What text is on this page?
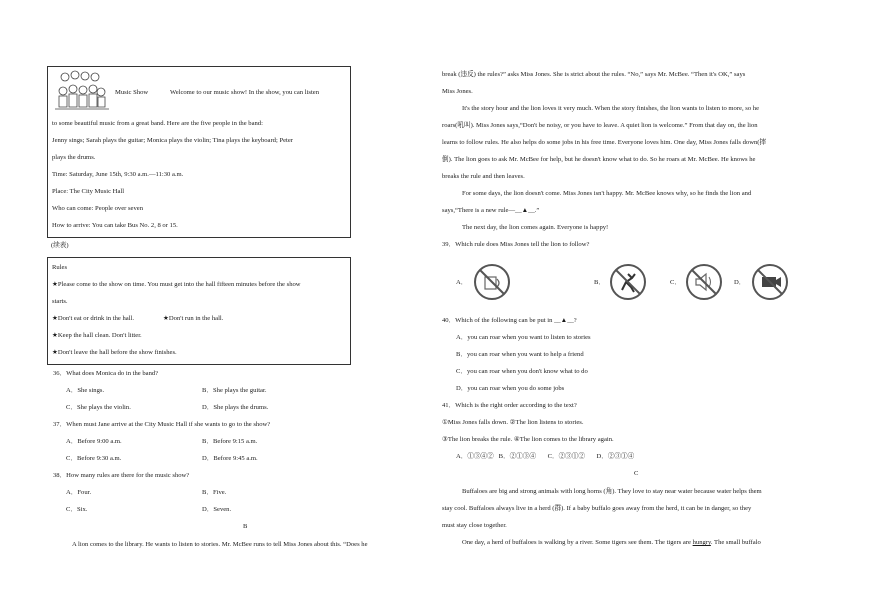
Music Show	Welcome to our music show! In the show, you can listen
to some beautiful music from a great band. Here are the five people in the band:
Jenny sings; Sarah plays the guitar; Monica plays the violin; Tina plays the keyboard; Peter
plays the drums.
Time: Saturday, June 15th, 9:30 a.m.—11:30 a.m.
Place: The City Music Hall
Who can come: People over seven
How to arrive: You can take Bus No. 2, 8 or 15.
(续表)
Rules
★Please come to the show on time. You must get into the hall fifteen minutes before the show
starts.
★Don't eat or drink in the hall.	★Don't run in the hall.
★Keep the hall clean. Don't litter.
★Don't leave the hall before the show finishes.
36．What does Monica do in the band?
A．She sings.	B．She plays the guitar.
C．She plays the violin.	D．She plays the drums.
37．When must Jane arrive at the City Music Hall if she wants to go to the show?
A．Before 9:00 a.m.	B．Before 9:15 a.m.
C．Before 9:30 a.m.	D．Before 9:45 a.m.
38．How many rules are there for the music show?
A．Four.	B．Five.
C．Six.	D．Seven.
B
A lion comes to the library. He wants to listen to stories. Mr. McBee runs to tell Miss Jones about this. “Does he
break (违反) the rules?” asks Miss Jones. She is strict about the rules. “No,” says Mr. McBee. “Then it's OK,” says
Miss Jones.
It's the story hour and the lion loves it very much. When the story finishes, the lion wants to listen to more, so he
roars(吼叫). Miss Jones says,“Don't be noisy, or you have to leave. A quiet lion is welcome.” From that day on, the lion
learns to follow rules. He also helps do some jobs in his free time. Everyone loves him. One day, Miss Jones falls down(摔
倒). The lion goes to ask Mr. McBee for help, but he doesn't know what to do. So he roars at Mr. McBee. He knows he
breaks the rule and then leaves.
For some days, the lion doesn't come. Miss Jones isn't happy. Mr. McBee knows why, so he finds the lion and
says,“There is a new rule—__▲__.”
The next day, the lion comes again. Everyone is happy!
39．Which rule does Miss Jones tell the lion to follow?
A．	B．	C．	D．
40．Which of the following can be put in __▲__?
A．you can roar when you want to listen to stories
B．you can roar when you want to help a friend
C．you can roar when you don't know what to do
D．you can roar when you do some jobs
41．Which is the right order according to the text?
①Miss Jones falls down. ②The lion listens to stories.
③The lion breaks the rule. ④The lion comes to the library again.
A．①③④②   B．②①③④       C．②③①②       D．②③①④
C
Buffaloes are big and strong animals with long horns (角). They love to stay near water because water helps them
stay cool. Buffaloes always live in a herd (群). If a baby buffalo goes away from the herd, it can be in danger, so they
must stay close together.
One day, a herd of buffaloes is walking by a river. Some tigers see them. The tigers are hungry. The small buffalo
